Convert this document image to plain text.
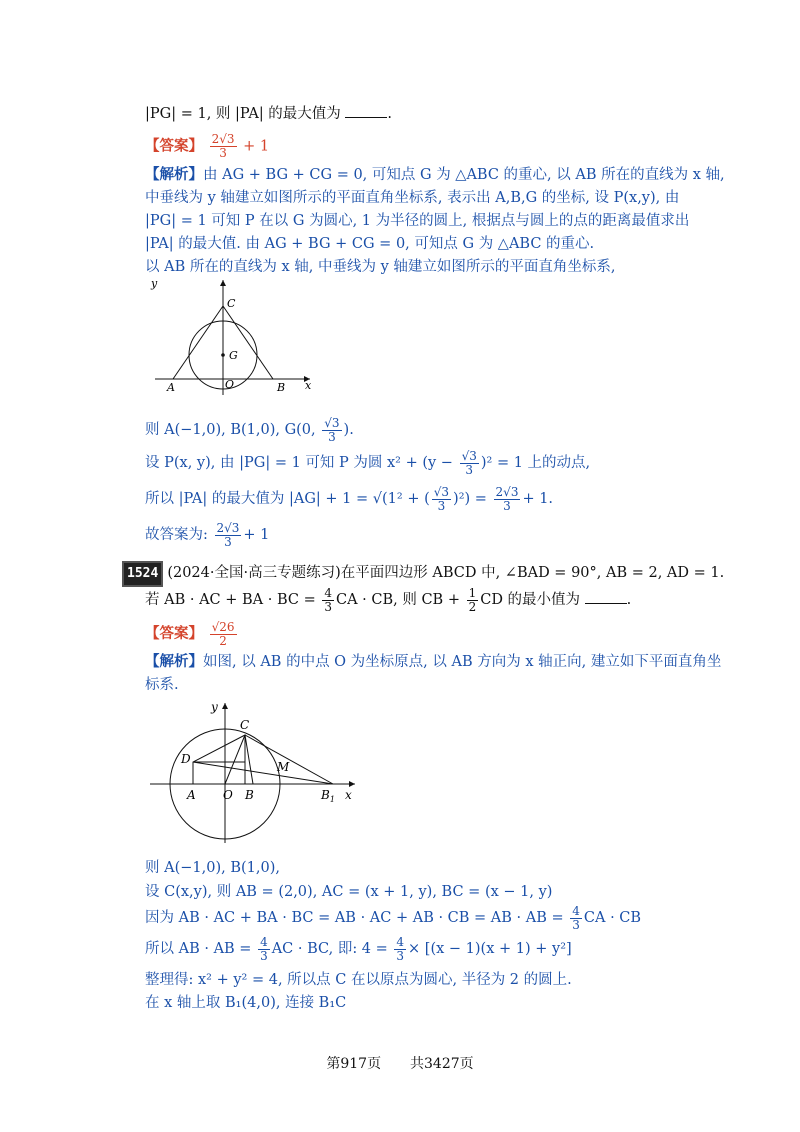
|PG| = 1, 则 |PA| 的最大值为	.
【答案】 $\frac{2√3}{3} + 1$
【解析】由 AG + BG + CG = 0, 可知点 G 为 △ABC 的重心, 以 AB 所在的直线为 x 轴,
中垂线为 y 轴建立如图所示的平面直角坐标系, 表示出 A,B,G 的坐标, 设 P(x,y), 由
|PG| = 1 可知 P 在以 G 为圆心, 1 为半径的圆上, 根据点与圆上的点的距离最值求出
|PA| 的最大值. 由 AG + BG + CG = 0, 可知点 G 为 △ABC 的重心.
以 AB 所在的直线为 x 轴, 中垂线为 y 轴建立如图所示的平面直角坐标系,
y
C
G
A	O	B x
则 A(−1,0), B(1,0), G(0, $\frac{√3}{3}$ ).
设 P(x, y), 由 |PG| = 1 可知 P 为圆 $x^2 + (y - \frac{√3}{3} )^2 = 1$ 上的动点,
所以 |PA| 的最大值为 |AG| + 1 = √(1² + ( $\frac{√3}{3} )^2) = \frac{2√3}{3} + 1$.
故答案为: $\frac{2√3}{3} + 1$
1524 (2024·全国·高三专题练习)在平面四边形 ABCD 中, ∠BAD = 90°, AB = 2, AD = 1.
若 AB · AC + BA · BC = $\frac{4}{3}$ CA · CB, 则 CB + $\frac{1}{2}$ CD 的最小值为	.
【答案】 $\frac{√26}{2}$
【解析】如图, 以 AB 的中点 O 为坐标原点, 以 AB 方向为 x 轴正向, 建立如下平面直角坐
标系.
y
C
D
M
A O B	$B_1$ x
则 A(−1,0), B(1,0),
设 C(x,y), 则 AB = (2,0), AC = (x + 1, y), BC = (x − 1, y)
因为 AB · AC + BA · BC = AB · AC + AB · CB = AB · AB = $\frac{4}{3}$ CA · CB
所以 AB · AB = $\frac{4}{3}$ AC · BC, 即: $4 = \frac{4}{3} \times [(x - 1)(x + 1) + y^2]$
整理得: x² + y² = 4, 所以点 C 在以原点为圆心, 半径为 2 的圆上.
在 x 轴上取 B₁(4,0), 连接 B₁C
第917页 共3427页
